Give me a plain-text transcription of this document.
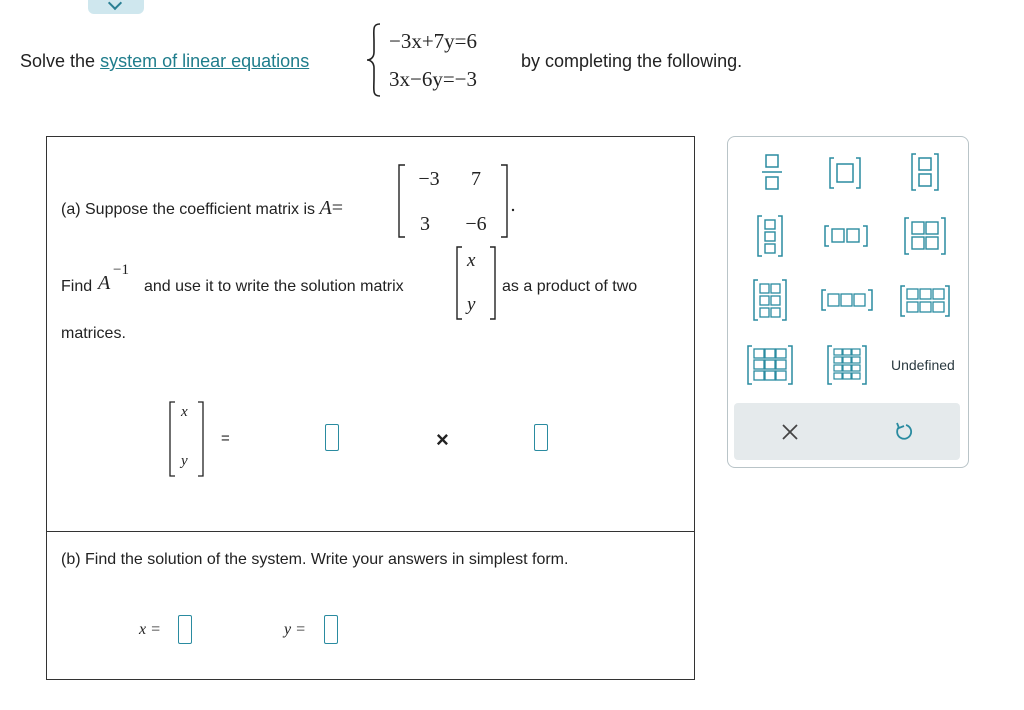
Solve the system of linear equations
−3x+7y=6
3x−6y=−3
by completing the following.
(a) Suppose the coefficient matrix is A=
−3	7
3	−6
Find A
−1
and use it to write the solution matrix
x
y
as a product of two
matrices.
x
y
=	×
(b) Find the solution of the system. Write your answers in simplest form.
x =	y =
Undefined
